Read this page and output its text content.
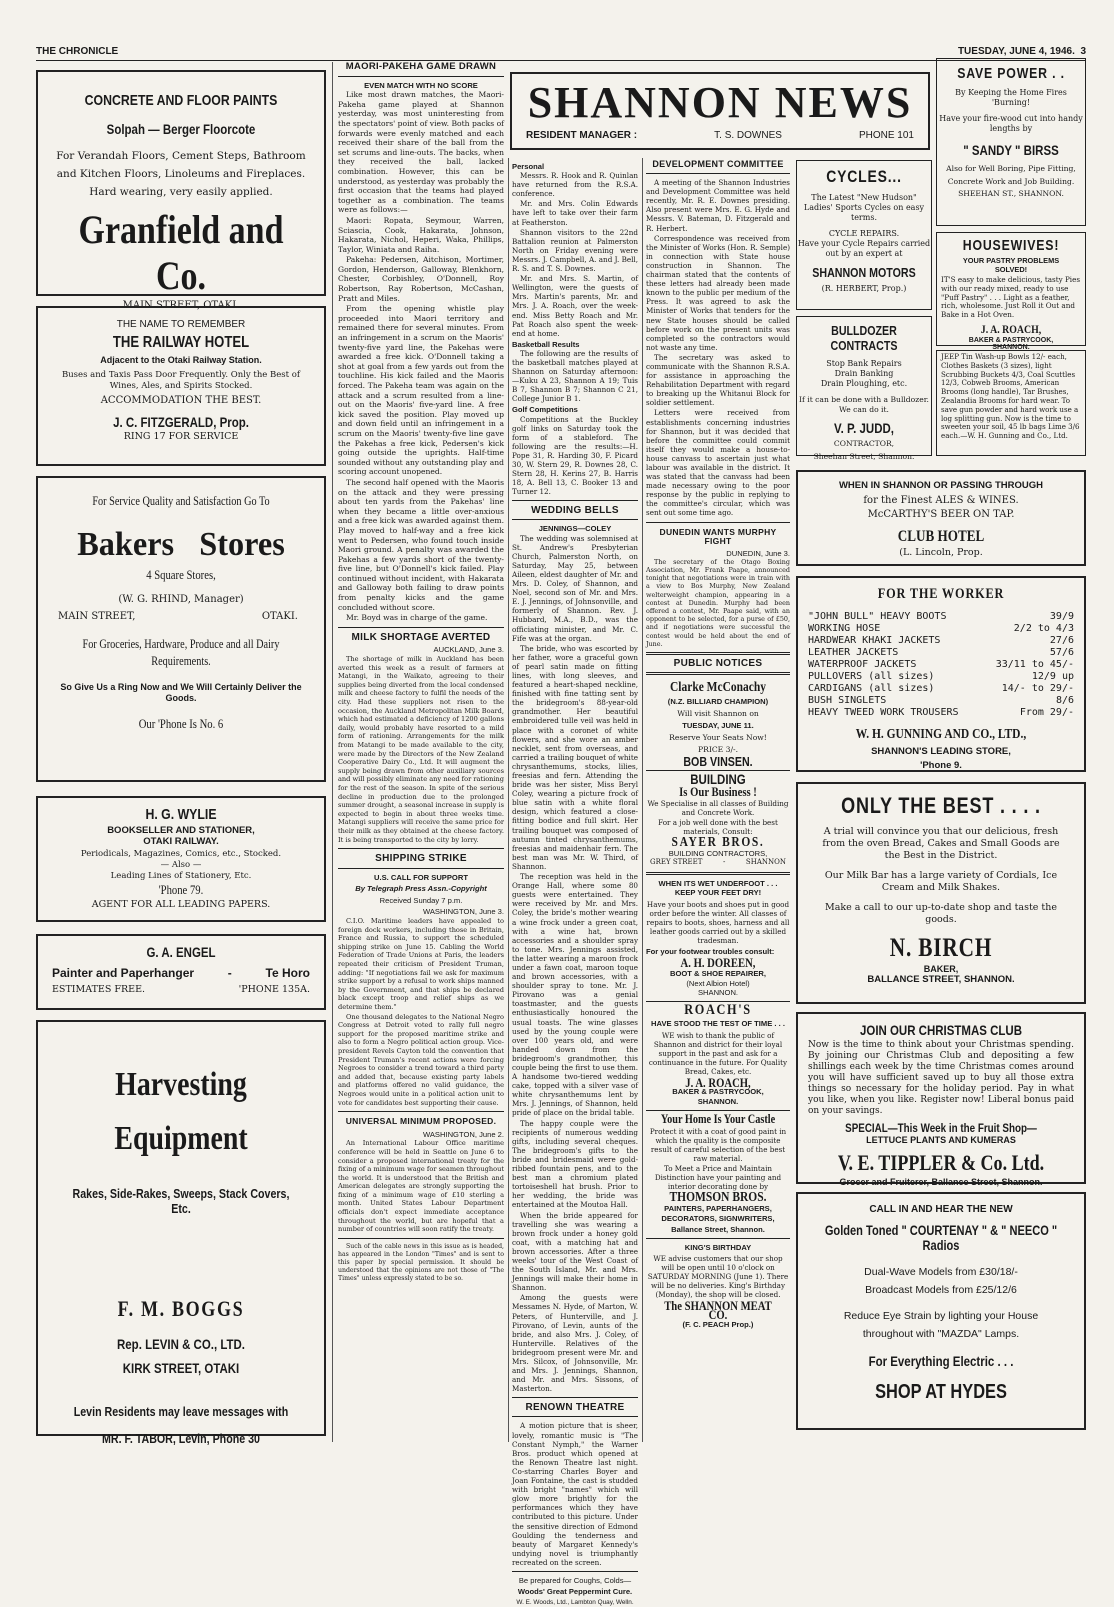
THE CHRONICLE	TUESDAY, JUNE 4, 1946. 3
CONCRETE AND FLOOR PAINTS
Solpah — Berger Floorcote
For Verandah Floors, Cement Steps, Bathroom
and Kitchen Floors, Linoleums and Fireplaces.
Hard wearing, very easily applied.
Granfield and Co.
MAIN STREET, OTAKI.
THE NAME TO REMEMBER
THE RAILWAY HOTEL
Adjacent to the Otaki Railway Station.
Buses and Taxis Pass Door Frequently. Only the Best of
Wines, Ales, and Spirits Stocked.
ACCOMMODATION THE BEST.
J. C. FITZGERALD, Prop.
RING 17 FOR SERVICE
For Service Quality and Satisfaction Go To
Bakers Stores
4 Square Stores,
(W. G. RHIND, Manager)
MAIN STREET,	OTAKI.
For Groceries, Hardware, Produce and all Dairy Requirements.
So Give Us a Ring Now and We Will Certainly Deliver the Goods.
Our 'Phone Is No. 6
H. G. WYLIE
BOOKSELLER AND STATIONER,
OTAKI RAILWAY.
Periodicals, Magazines, Comics, etc., Stocked.
— Also —
Leading Lines of Stationery, Etc.
'Phone 79.
AGENT FOR ALL LEADING PAPERS.
G. A. ENGEL
Painter and Paperhanger	-	Te Horo
ESTIMATES FREE.	'PHONE 135A.
Harvesting
Equipment
Rakes, Side-Rakes, Sweeps, Stack Covers, Etc.
F. M. BOGGS
Rep. LEVIN & CO., LTD.
KIRK STREET, OTAKI
Levin Residents may leave messages with
MR. F. TABOR, Levin, Phone 30
MAORI-PAKEHA GAME DRAWN
EVEN MATCH WITH NO SCORE

Like most drawn matches, the Maori-Pakeha game played at Shannon yesterday, was most uninteresting from the spectators' point of view. Both packs of forwards were evenly matched and each received their share of the ball from the set scrums and line-outs. The backs, when they received the ball, lacked combination. However, this can be understood, as yesterday was probably the first occasion that the teams had played together as a combination. The teams were as follows:—

Maori: Ropata, Seymour, Warren, Sciascia, Cook, Hakarata, Johnson, Hakarata, Nichol, Heperi, Waka, Phillips, Taylor, Winiata and Raiha.

Pakeha: Pedersen, Aitchison, Mortimer, Gordon, Henderson, Galloway, Blenkhorn, Chester, Corbishley, O'Donnell, Roy Robertson, Ray Robertson, McCashan, Pratt and Miles.

From the opening whistle play proceeded into Maori territory and remained there for several minutes. From an infringement in a scrum on the Maoris' twenty-five yard line, the Pakehas were awarded a free kick. O'Donnell taking a shot at goal from a few yards out from the touchline. His kick failed and the Maoris forced. The Pakeha team was again on the attack and a scrum resulted from a line-out on the Maoris' five-yard line. A free kick saved the position. Play moved up and down field until an infringement in a scrum on the Maoris' twenty-five line gave the Pakehas a free kick, Pedersen's kick going outside the uprights. Half-time sounded without any outstanding play and scoring account unopened.

The second half opened with the Maoris on the attack and they were pressing about ten yards from the Pakehas' line when they became a little over-anxious and a free kick was awarded against them. Play moved to half-way and a free kick went to Pedersen, who found touch inside Maori ground. A penalty was awarded the Pakehas a few yards short of the twenty-five line, but O'Donnell's kick failed. Play continued without incident, with Hakarata and Galloway both failing to draw points from penalty kicks and the game concluded without score.

Mr. Boyd was in charge of the game.

MILK SHORTAGE AVERTED
AUCKLAND, June 3.

The shortage of milk in Auckland has been averted this week as a result of farmers at Matangi, in the Waikato, agreeing to their supplies being diverted from the local condensed milk and cheese factory to fulfil the needs of the city. Had these suppliers not risen to the occasion, the Auckland Metropolitan Milk Board, which had estimated a deficiency of 1200 gallons daily, would probably have resorted to a mild form of rationing. Arrangements for the milk from Matangi to be made available to the city, were made by the Directors of the New Zealand Cooperative Dairy Co., Ltd. It will augment the supply being drawn from other auxiliary sources and will possibly eliminate any need for rationing for the rest of the season. In spite of the serious decline in production due to the prolonged summer drought, a seasonal increase in supply is expected to begin in about three weeks time. Matangi suppliers will receive the same price for their milk as they obtained at the cheese factory. It is being transported to the city by lorry.

SHIPPING STRIKE
U.S. CALL FOR SUPPORT
By Telegraph Press Assn.-Copyright
Received Sunday 7 p.m.
WASHINGTON, June 3.

C.I.O. Maritime leaders have appealed to foreign dock workers, including those in Britain, France and Russia, to support the scheduled shipping strike on June 15. Cabling the World Federation of Trade Unions at Paris, the leaders repeated their criticism of President Truman, adding: "If negotiations fail we ask for maximum strike support by a refusal to work ships manned by the Government, and that ships be declared black except troop and relief ships as we determine them."

One thousand delegates to the National Negro Congress at Detroit voted to rally full negro support for the proposed maritime strike and also to form a Negro political action group. Vice-president Revels Cayton told the convention that President Truman's recent actions were forcing Negroes to consider a trend toward a third party and added that, because existing party labels and platforms offered no valid guidance, the Negroes would unite in a political action unit to vote for candidates best supporting their cause.

UNIVERSAL MINIMUM PROPOSED.
WASHINGTON, June 2.

An International Labour Office maritime conference will be held in Seattle on June 6 to consider a proposed international treaty for the fixing of a minimum wage for seamen throughout the world. It is understood that the British and American delegates are strongly supporting the fixing of a minimum wage of £10 sterling a month. United States Labour Department officials don't expect immediate acceptance throughout the world, but are hopeful that a number of countries will soon ratify the treaty.

Such of the cable news in this issue as is headed, has appeared in the London "Times" and is sent to this paper by special permission. It should be understood that the opinions are not those of "The Times" unless expressly stated to be so.

SHANNON NEWS
RESIDENT MANAGER :	T. S. DOWNES	PHONE 101
Personal

Messrs. R. Hook and R. Quinlan have returned from the R.S.A. conference.

Mr. and Mrs. Colin Edwards have left to take over their farm at Featherston.

Shannon visitors to the 22nd Battalion reunion at Palmerston North on Friday evening were Messrs. J. Campbell, A. and J. Bell, R. S. and T. S. Downes.

Mr. and Mrs. S. Martin, of Wellington, were the guests of Mrs. Martin's parents, Mr. and Mrs. J. A. Roach, over the week-end. Miss Betty Roach and Mr. Pat Roach also spent the week-end at home.

Basketball Results

The following are the results of the basketball matches played at Shannon on Saturday afternoon:—Kuku A 23, Shannon A 19; Tuis B 7, Shannon B 7; Shannon C 21, College Junior B 1.

Golf Competitions

Competitions at the Buckley golf links on Saturday took the form of a stableford. The following are the results:—H. Pope 31, R. Harding 30, F. Picard 30, W. Stern 29, R. Downes 28, C. Stern 28, H. Kerins 27, B. Harris 18, A. Bell 13, C. Booker 13 and Turner 12.

WEDDING BELLS
JENNINGS—COLEY

The wedding was solemnised at St. Andrew's Presbyterian Church, Palmerston North, on Saturday, May 25, between Aileen, eldest daughter of Mr. and Mrs. D. Coley, of Shannon, and Noel, second son of Mr. and Mrs. E. J. Jennings, of Johnsonville, and formerly of Shannon. Rev. J. Hubbard, M.A., B.D., was the officiating minister, and Mr. C. Fife was at the organ.

The bride, who was escorted by her father, wore a graceful gown of pearl satin made on fitting lines, with long sleeves, and featured a heart-shaped neckline, finished with fine tatting sent by the bridegroom's 88-year-old grandmother. Her beautiful embroidered tulle veil was held in place with a coronet of white flowers, and she wore an amber necklet, sent from overseas, and carried a trailing bouquet of white chrysanthemums, stocks, lilies, freesias and fern. Attending the bride was her sister, Miss Beryl Coley, wearing a picture frock of blue satin with a white floral design, which featured a close-fitting bodice and full skirt. Her trailing bouquet was composed of autumn tinted chrysanthemums, freesias and maidenhair fern. The best man was Mr. W. Third, of Shannon.

The reception was held in the Orange Hall, where some 80 guests were entertained. They were received by Mr. and Mrs. Coley, the bride's mother wearing a wine frock under a green coat, with a wine hat, brown accessories and a shoulder spray to tone. Mrs. Jennings assisted, the latter wearing a maroon frock under a fawn coat, maroon toque and brown accessories, with a shoulder spray to tone. Mr. J. Pirovano was a genial toastmaster, and the guests enthusiastically honoured the usual toasts. The wine glasses used by the young couple were over 100 years old, and were handed down from the bridegroom's grandmother, this couple being the first to use them. A handsome two-tiered wedding cake, topped with a silver vase of white chrysanthemums lent by Mrs. J. Jennings, of Shannon, held pride of place on the bridal table.

The happy couple were the recipients of numerous wedding gifts, including several cheques. The bridegroom's gifts to the bride and bridesmaid were gold-ribbed fountain pens, and to the best man a chromium plated tortoiseshell hat brush. Prior to her wedding, the bride was entertained at the Moutoa Hall.

When the bride appeared for travelling she was wearing a brown frock under a honey gold coat, with a matching hat and brown accessories. After a three weeks' tour of the West Coast of the South Island, Mr. and Mrs. Jennings will make their home in Shannon.

Among the guests were Messames N. Hyde, of Marton, W. Peters, of Hunterville, and J. Pirovano, of Levin, aunts of the bride, and also Mrs. J. Coley, of Hunterville. Relatives of the bridegroom present were Mr. and Mrs. Silcox, of Johnsonville, Mr. and Mrs. J. Jennings, Shannon, and Mr. and Mrs. Sissons, of Masterton.

RENOWN THEATRE

A motion picture that is sheer, lovely, romantic music is "The Constant Nymph," the Warner Bros. product which opened at the Renown Theatre last night. Co-starring Charles Boyer and Joan Fontaine, the cast is studded with bright "names" which will glow more brightly for the performances which they have contributed to this picture. Under the sensitive direction of Edmond Goulding the tenderness and beauty of Margaret Kennedy's undying novel is triumphantly recreated on the screen.

Be prepared for Coughs, Colds—
Woods' Great Peppermint Cure.
W. E. Woods, Ltd., Lambton Quay, Welln.
DEVELOPMENT COMMITTEE

A meeting of the Shannon Industries and Development Committee was held recently, Mr. R. E. Downes presiding. Also present were Mrs. E. G. Hyde and Messrs. V. Bateman, D. Fitzgerald and R. Herbert.

Correspondence was received from the Minister of Works (Hon. R. Semple) in connection with State house construction in Shannon. The chairman stated that the contents of these letters had already been made known to the public per medium of the Press. It was agreed to ask the Minister of Works that tenders for the new State houses should be called before work on the present units was completed so the contractors would not waste any time.

The secretary was asked to communicate with the Shannon R.S.A. for assistance in approaching the Rehabilitation Department with regard to breaking up the Whitanui Block for soldier settlement.

Letters were received from establishments concerning industries for Shannon, but it was decided that before the committee could commit itself they would make a house-to-house canvass to ascertain just what labour was available in the district. It was stated that the canvass had been made necessary owing to the poor response by the public in replying to the committee's circular, which was sent out some time ago.

DUNEDIN WANTS MURPHY FIGHT
DUNEDIN, June 3.

The secretary of the Otago Boxing Association, Mr. Frank Paape, announced tonight that negotiations were in train with a view to Bos Murphy, New Zealand welterweight champion, appearing in a contest at Dunedin. Murphy had been offered a contest, Mr. Paape said, with an opponent to be selected, for a purse of £50, and if negotiations were successful the contest would be held about the end of June.

PUBLIC NOTICES
Clarke McConachy
(N.Z. BILLIARD CHAMPION)
Will visit Shannon on
TUESDAY, JUNE 11.
Reserve Your Seats Now!
PRICE 3/-.
BOB VINSEN.
BUILDING
Is Our Business !

We Specialise in all classes of Building and Concrete Work.

For a job well done with the best materials, Consult:

SAYER BROS.
BUILDING CONTRACTORS,
GREY STREET	-	SHANNON
WHEN ITS WET UNDERFOOT . . .
KEEP YOUR FEET DRY!

Have your boots and shoes put in good order before the winter. All classes of repairs to boots, shoes, harness and all leather goods carried out by a skilled tradesman.

For your footwear troubles consult:
A. H. DOREEN,
BOOT & SHOE REPAIRER,
(Next Albion Hotel)
SHANNON.
ROACH'S
HAVE STOOD THE TEST OF TIME . . .

WE wish to thank the public of Shannon and district for their loyal support in the past and ask for a continuance in the future. For Quality Bread, Cakes, etc.

J. A. ROACH,
BAKER & PASTRYCOOK,
SHANNON.
Your Home Is Your Castle

Protect it with a coat of good paint in which the quality is the composite result of careful selection of the best raw material.

To Meet a Price and Maintain Distinction have your painting and interior decorating done by

THOMSON BROS.
PAINTERS, PAPERHANGERS, DECORATORS, SIGNWRITERS,
Ballance Street, Shannon.
KING'S BIRTHDAY

WE advise customers that our shop will be open until 10 o'clock on SATURDAY MORNING (June 1). There will be no deliveries. King's Birthday (Monday), the shop will be closed.

The SHANNON MEAT CO.
(F. C. PEACH Prop.)
CYCLES...
The Latest "New Hudson"
Ladies' Sports Cycles on easy terms.
CYCLE REPAIRS.
Have your Cycle Repairs carried out by an expert at
SHANNON MOTORS
(R. HERBERT, Prop.)
BULLDOZER CONTRACTS
Stop Bank Repairs
Drain Banking
Drain Ploughing, etc.
If it can be done with a Bulldozer. We can do it.
V. P. JUDD,
CONTRACTOR,
Sheehan Street, Shannon.
SAVE POWER . .
By Keeping the Home Fires 'Burning!
Have your fire-wood cut into handy lengths by
" SANDY " BIRSS
Also for Well Boring, Pipe Fitting,
Concrete Work and Job Building.
SHEEHAN ST., SHANNON.
HOUSEWIVES!
YOUR PASTRY PROBLEMS
SOLVED!
IT'S easy to make delicious, tasty Pies with our ready mixed, ready to use "Puff Pastry" . . . Light as a feather, rich, wholesome. Just Roll it Out and Bake in a Hot Oven.
J. A. ROACH,
BAKER & PASTRYCOOK,
SHANNON.
JEEP Tin Wash-up Bowls 12/- each, Clothes Baskets (3 sizes), light Scrubbing Buckets 4/3, Coal Scuttles 12/3, Cobweb Brooms, American Brooms (long handle), Tar Brushes, Zealandia Brooms for hard wear. To save gun powder and hard work use a log splitting gun. Now is the time to sweeten your soil, 45 lb bags Lime 3/6 each.—W. H. Gunning and Co., Ltd.
WHEN IN SHANNON OR PASSING THROUGH
for the Finest ALES & WINES.
McCARTHY'S BEER ON TAP.
CLUB HOTEL
(L. Lincoln, Prop.
FOR THE WORKER
"JOHN BULL" HEAVY BOOTS	39/9
WORKING HOSE	2/2 to 4/3
HARDWEAR KHAKI JACKETS	27/6
LEATHER JACKETS	57/6
WATERPROOF JACKETS	33/11 to 45/-
PULLOVERS (all sizes)	12/9 up
CARDIGANS (all sizes)	14/- to 29/-
BUSH SINGLETS	8/6
HEAVY TWEED WORK TROUSERS	From 29/-
W. H. GUNNING AND CO., LTD.,
SHANNON'S LEADING STORE,
'Phone 9.
ONLY THE BEST . . . .
A trial will convince you that our delicious, fresh from the oven Bread, Cakes and Small Goods are the Best in the District.
Our Milk Bar has a large variety of Cordials, Ice Cream and Milk Shakes.
Make a call to our up-to-date shop and taste the goods.
N. BIRCH
BAKER,
BALLANCE STREET, SHANNON.
JOIN OUR CHRISTMAS CLUB
Now is the time to think about your Christmas spending. By joining our Christmas Club and depositing a few shillings each week by the time Christmas comes around you will have sufficient saved up to buy all those extra things so necessary for the holiday period. Pay in what you like, when you like. Register now! Liberal bonus paid on your savings.
SPECIAL—This Week in the Fruit Shop—
LETTUCE PLANTS AND KUMERAS
V. E. TIPPLER & Co. Ltd.
Grocer and Fruiterer, Ballance Street, Shannon.
CALL IN AND HEAR THE NEW
Golden Toned " COURTENAY " & " NEECO " Radios
Dual-Wave Models from £30/18/-
Broadcast Models from £25/12/6
Reduce Eye Strain by lighting your House
throughout with "MAZDA" Lamps.
For Everything Electric . . .
SHOP AT HYDES
